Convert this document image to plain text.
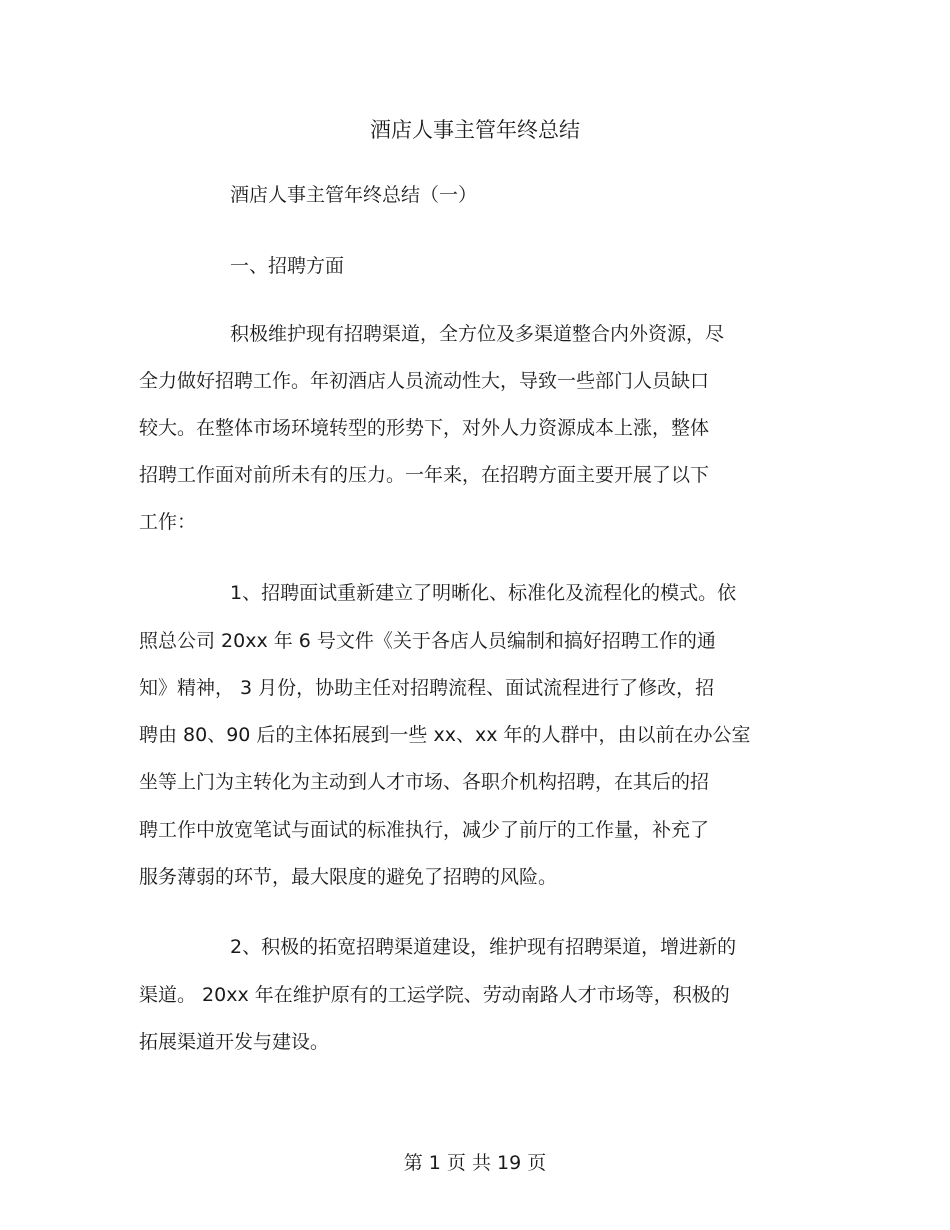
酒店人事主管年终总结
酒店人事主管年终总结（一）
一、招聘方面
积极维护现有招聘渠道，全方位及多渠道整合内外资源，尽
全力做好招聘工作。年初酒店人员流动性大，导致一些部门人员缺口
较大。在整体市场环境转型的形势下，对外人力资源成本上涨，整体
招聘工作面对前所未有的压力。一年来，在招聘方面主要开展了以下
工作：
1、招聘面试重新建立了明晰化、标准化及流程化的模式。依
照总公司 20xx 年 6 号文件《关于各店人员编制和搞好招聘工作的通
知》精神， 3 月份，协助主任对招聘流程、面试流程进行了修改，招
聘由 80、90 后的主体拓展到一些 xx、xx 年的人群中，由以前在办公室
坐等上门为主转化为主动到人才市场、各职介机构招聘，在其后的招
聘工作中放宽笔试与面试的标准执行，减少了前厅的工作量，补充了
服务薄弱的环节，最大限度的避免了招聘的风险。
2、积极的拓宽招聘渠道建设，维护现有招聘渠道，增进新的
渠道。 20xx 年在维护原有的工运学院、劳动南路人才市场等，积极的
拓展渠道开发与建设。
第 1 页 共 19 页
